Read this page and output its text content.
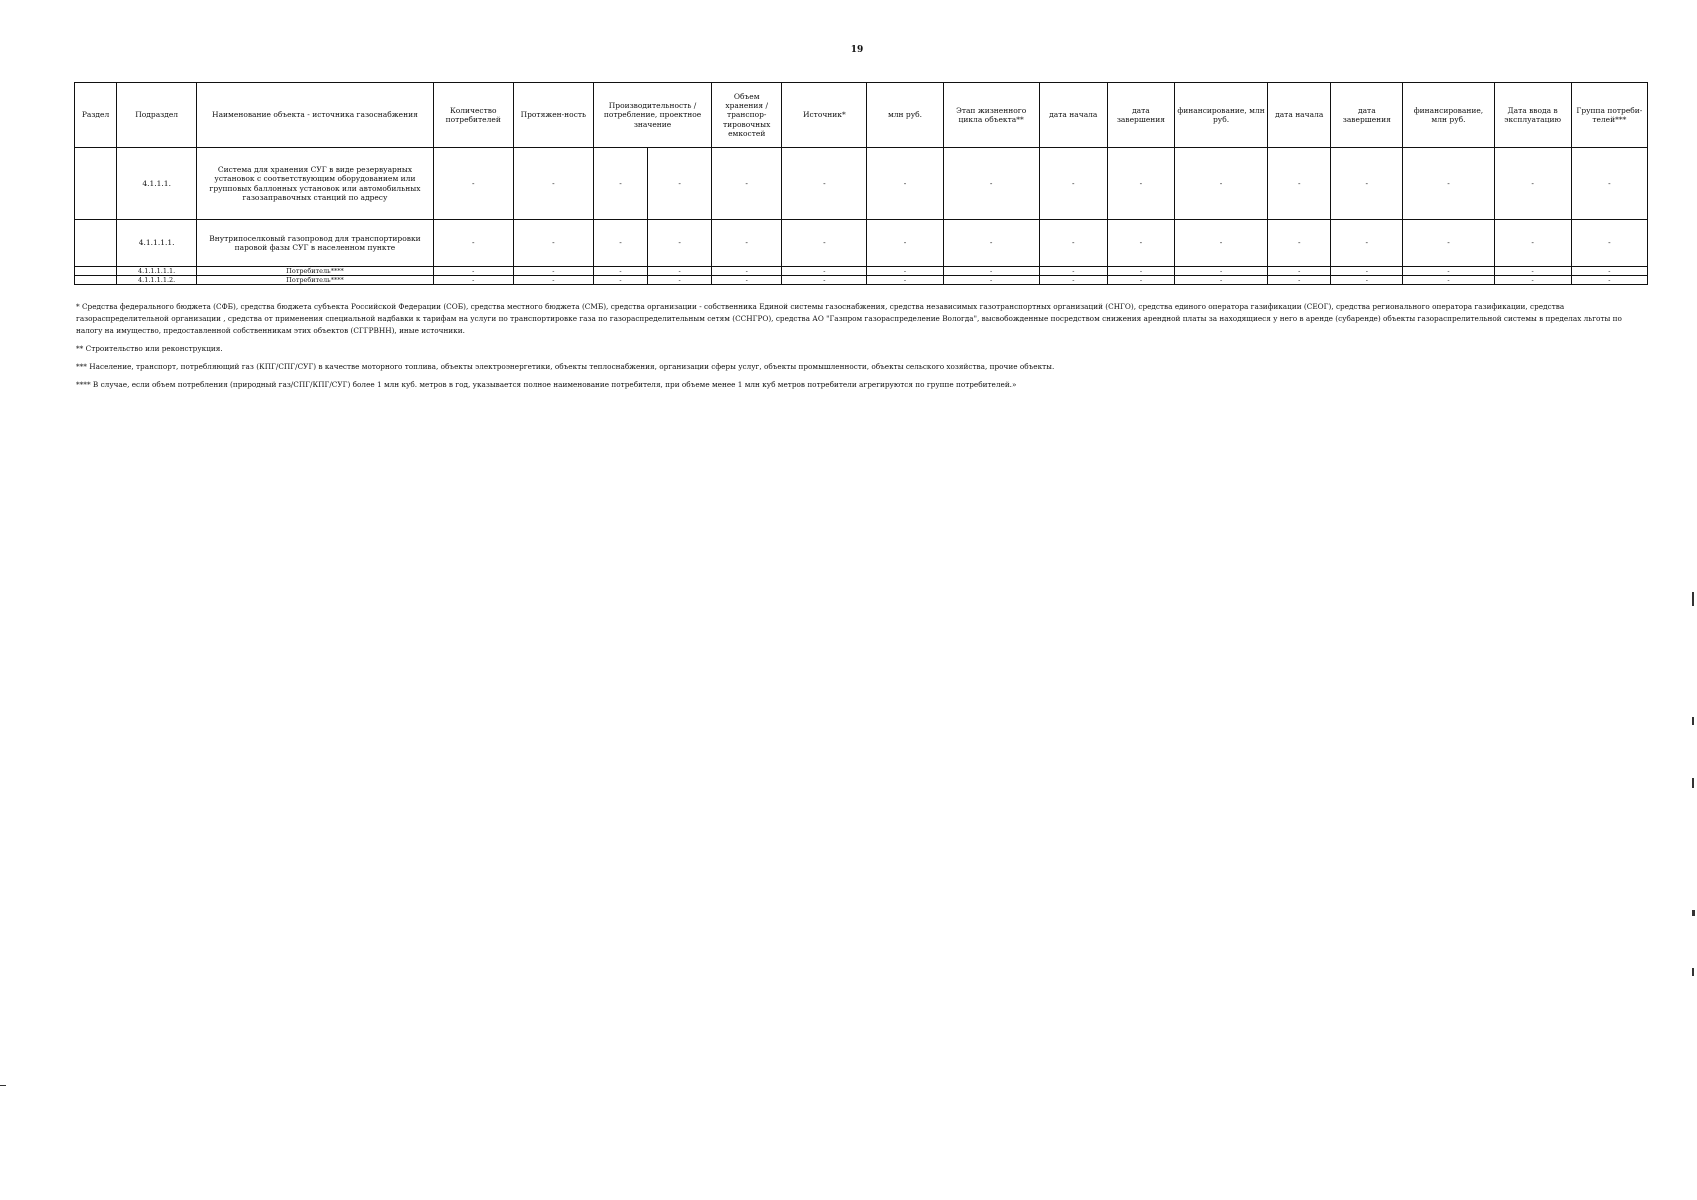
19
Раздел	Подраздел	Наименование объекта - источника газоснабжения	Количество потребителей	Протяжен-ность	Производительность / потребление, проектное значение		Объем хранения / транспор-тировочных емкостей	Источник*	млн руб.	Этап жизненного цикла объекта**	дата начала	дата завершения	финансирование, млн руб.	дата начала	дата завершения	финансирование, млн руб.	Дата ввода в эксплуатацию	Группа потреби-телей***
	4.1.1.1.	Система для хранения СУГ в виде резервуарных установок с соответствующим оборудованием или групповых баллонных установок или автомобильных газозаправочных станций по адресу	-	-	-	-	-	-	-	-	-	-	-	-	-	-	-	-
	4.1.1.1.1.	Внутрипоселковый газопровод для транспортировки паровой фазы СУГ в населенном пункте	-	-	-	-	-	-	-	-	-	-	-	-	-	-	-	-
	4.1.1.1.1.1.	Потребитель****	-	-	-	-	-	-	-	-	-	-	-	-	-	-	-	-
	4.1.1.1.1.2.	Потребитель****	-	-	-	-	-	-	-	-	-	-	-	-	-	-	-	-

* Средства федерального бюджета (СФБ), средства бюджета субъекта Российской Федерации (СОБ), средства местного бюджета (СМБ), средства организации - собственника Единой системы газоснабжения, средства независимых газотранспортных организаций (СНГО), средства единого оператора газификации (СЕОГ), средства регионального оператора газификации, средства газораспределительной организации , средства от применения специальной надбавки к тарифам на услуги по транспортировке газа по газораспределительным сетям (ССНГРО), средства АО "Газпром газораспределение Вологда", высвобожденные посредством снижения арендной платы за находящиеся у него в аренде (субаренде) объекты газораспрелительной системы в пределах льготы по налогу на имущество, предоставленной собственникам этих объектов (СГГРВНН), иные источники.

** Строительство или реконструкция.

*** Население, транспорт, потребляющий газ (КПГ/СПГ/СУГ) в качестве моторного топлива, объекты электроэнергетики, объекты теплоснабжения, организации сферы услуг, объекты промышленности, объекты сельского хозяйства, прочие объекты.

**** В случае, если объем потребления (природный газ/СПГ/КПГ/СУГ) более 1 млн куб. метров в год, указывается полное наименование потребителя, при объеме менее 1 млн куб метров потребители агрегируются по группе потребителей.»
